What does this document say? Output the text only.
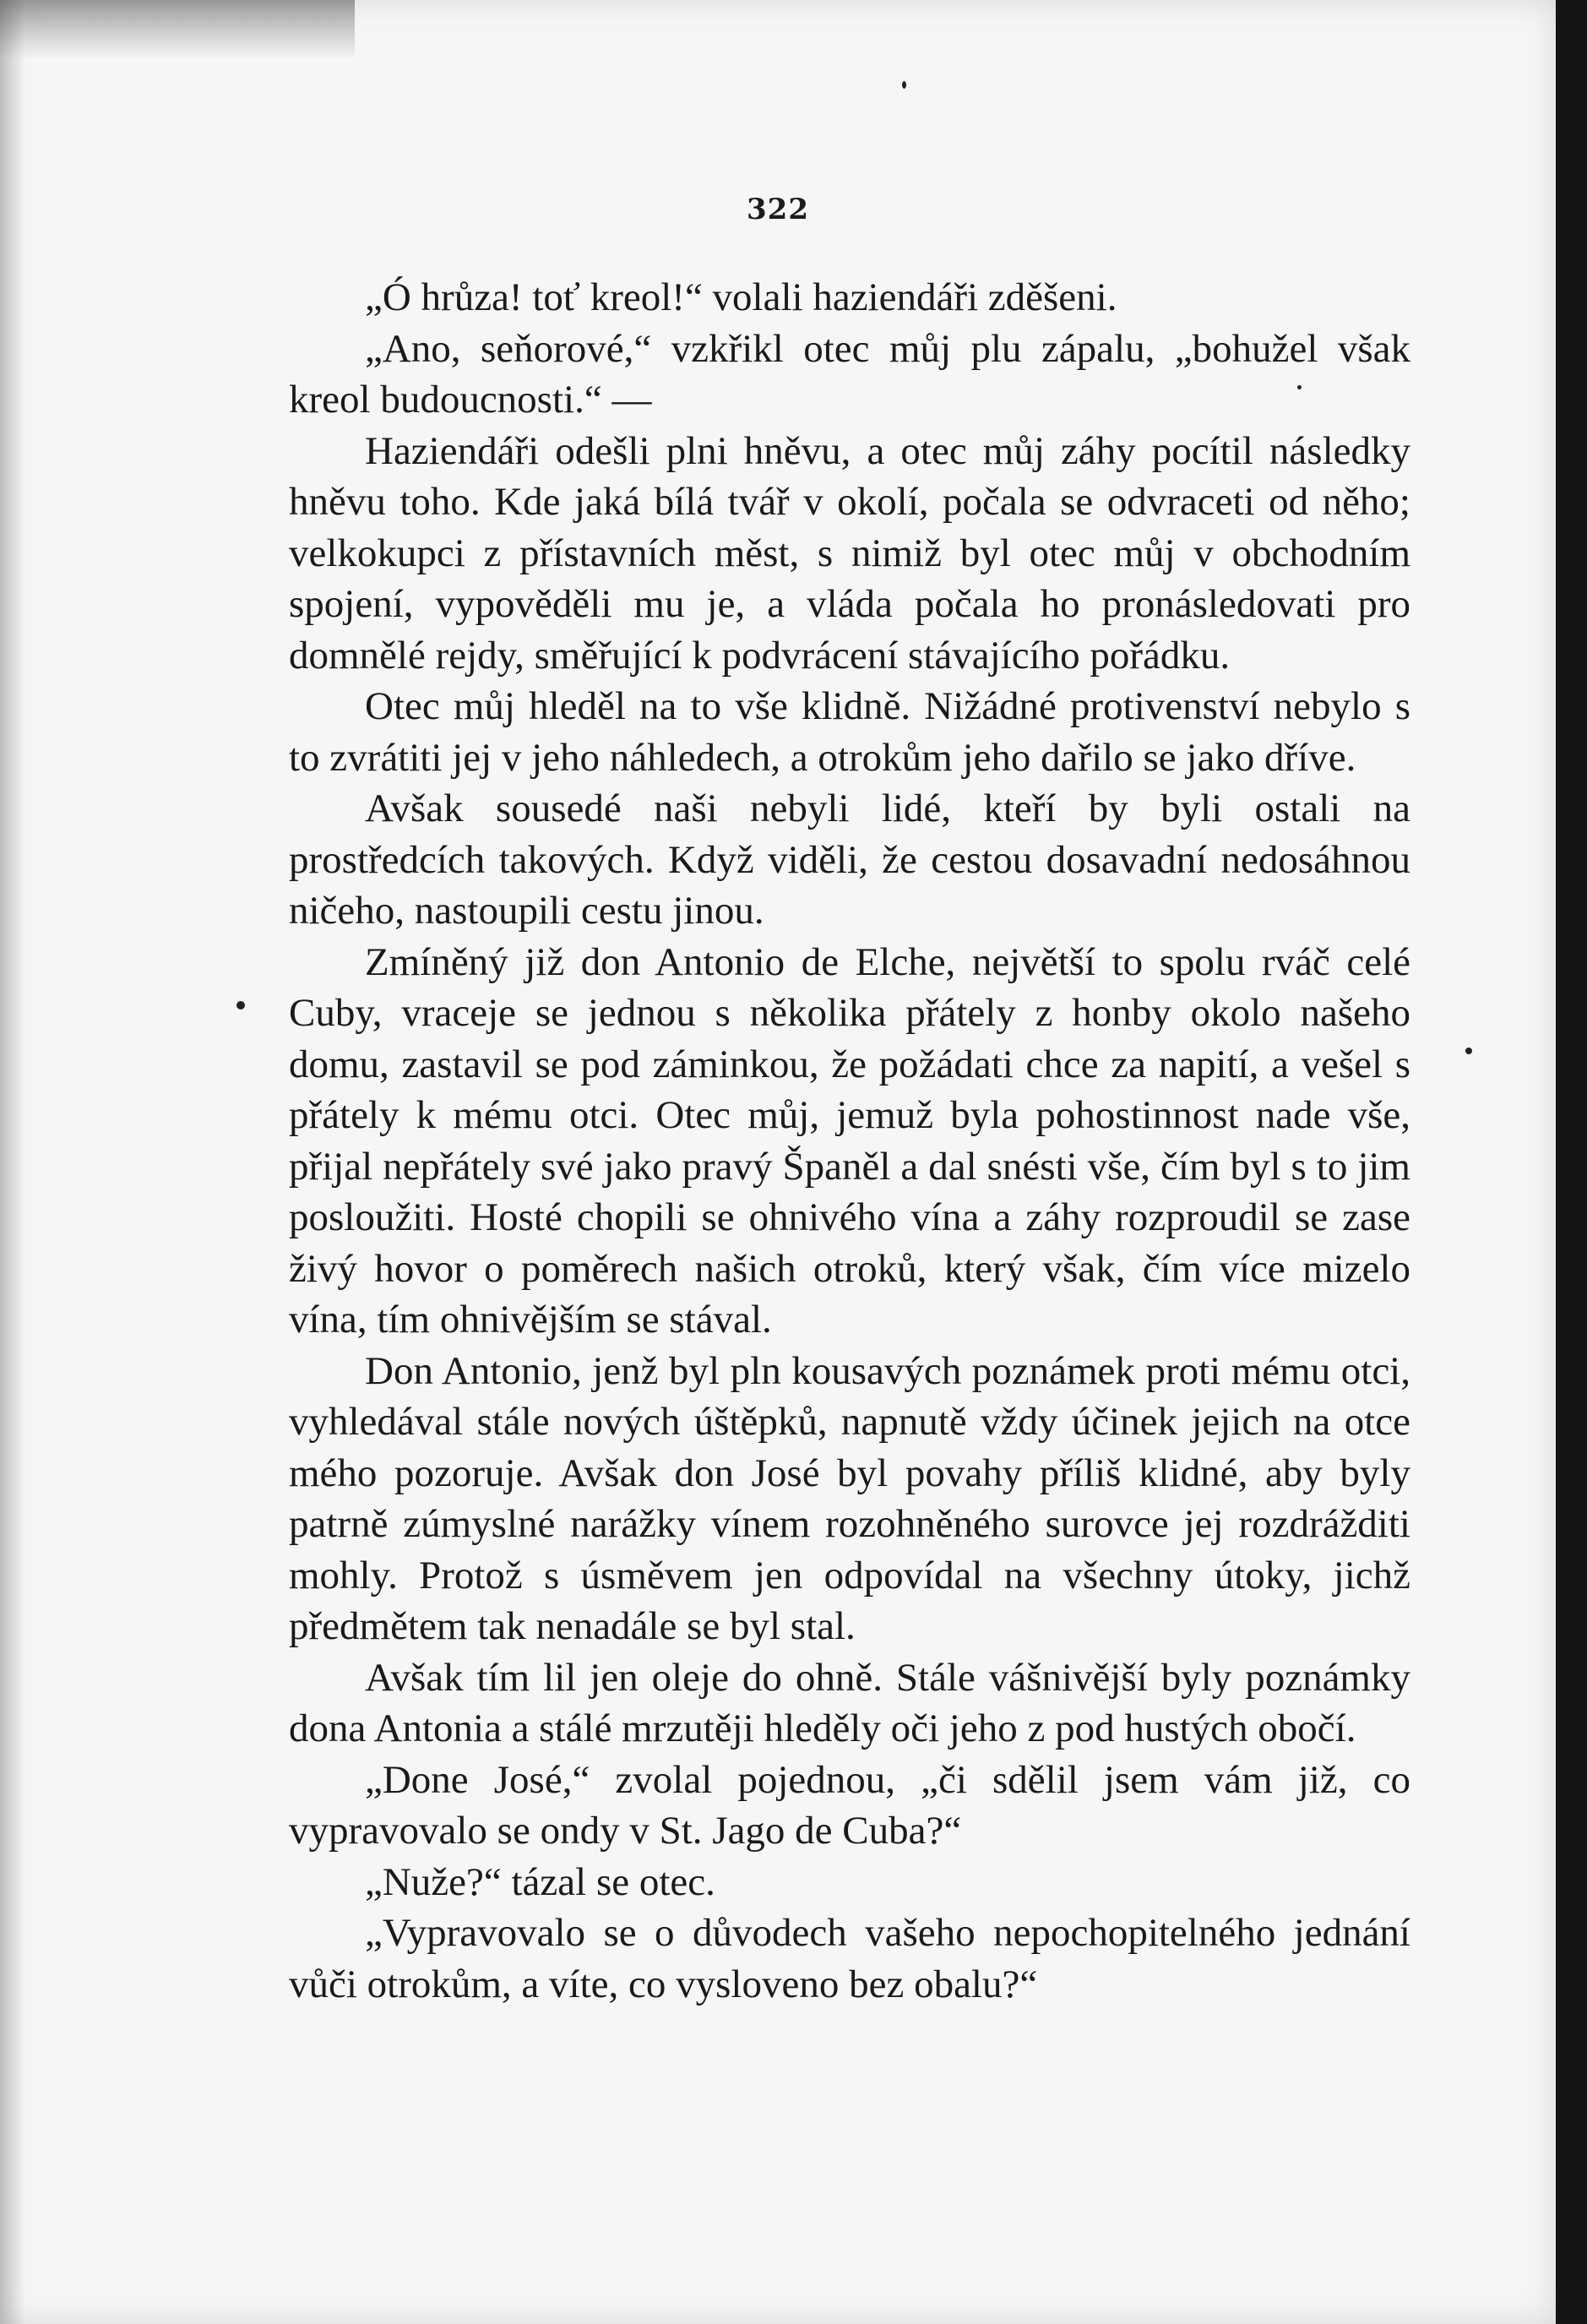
322

„Ó hrůza! toť kreol!“ volali haziendáři zděšeni.

„Ano, seňorové,“ vzkřikl otec můj plu zápalu, „bohužel však kreol budoucnosti.“ —

Haziendáři odešli plni hněvu, a otec můj záhy pocítil následky hněvu toho. Kde jaká bílá tvář v okolí, počala se odvraceti od něho; velkokupci z přístavních měst, s nimiž byl otec můj v obchodním spojení, vypověděli mu je, a vláda počala ho pronásledovati pro domnělé rejdy, směřující k podvrácení stávajícího pořádku.

Otec můj hleděl na to vše klidně. Nižádné protivenství nebylo s to zvrátiti jej v jeho náhledech, a otrokům jeho dařilo se jako dříve.

Avšak sousedé naši nebyli lidé, kteří by byli ostali na prostředcích takových. Když viděli, že cestou dosavadní nedosáhnou ničeho, nastoupili cestu jinou.

Zmíněný již don Antonio de Elche, největší to spolu rváč celé Cuby, vraceje se jednou s několika přátely z honby okolo našeho domu, zastavil se pod záminkou, že požádati chce za napití, a vešel s přátely k mému otci. Otec můj, jemuž byla pohostinnost nade vše, přijal nepřátely své jako pravý Španěl a dal snésti vše, čím byl s to jim posloužiti. Hosté chopili se ohnivého vína a záhy rozproudil se zase živý hovor o poměrech našich otroků, který však, čím více mizelo vína, tím ohnivějším se stával.

Don Antonio, jenž byl pln kousavých poznámek proti mému otci, vyhledával stále nových úštěpků, napnutě vždy účinek jejich na otce mého pozoruje. Avšak don José byl povahy příliš klidné, aby byly patrně zúmyslné narážky vínem rozohněného surovce jej rozdrážditi mohly. Protož s úsměvem jen odpovídal na všechny útoky, jichž předmětem tak nenadále se byl stal.

Avšak tím lil jen oleje do ohně. Stále vášnivější byly poznámky dona Antonia a stálé mrzutěji hleděly oči jeho z pod hustých obočí.

„Done José,“ zvolal pojednou, „či sdělil jsem vám již, co vypravovalo se ondy v St. Jago de Cuba?“

„Nuže?“ tázal se otec.

„Vypravovalo se o důvodech vašeho nepochopitelného jednání vůči otrokům, a víte, co vysloveno bez obalu?“
